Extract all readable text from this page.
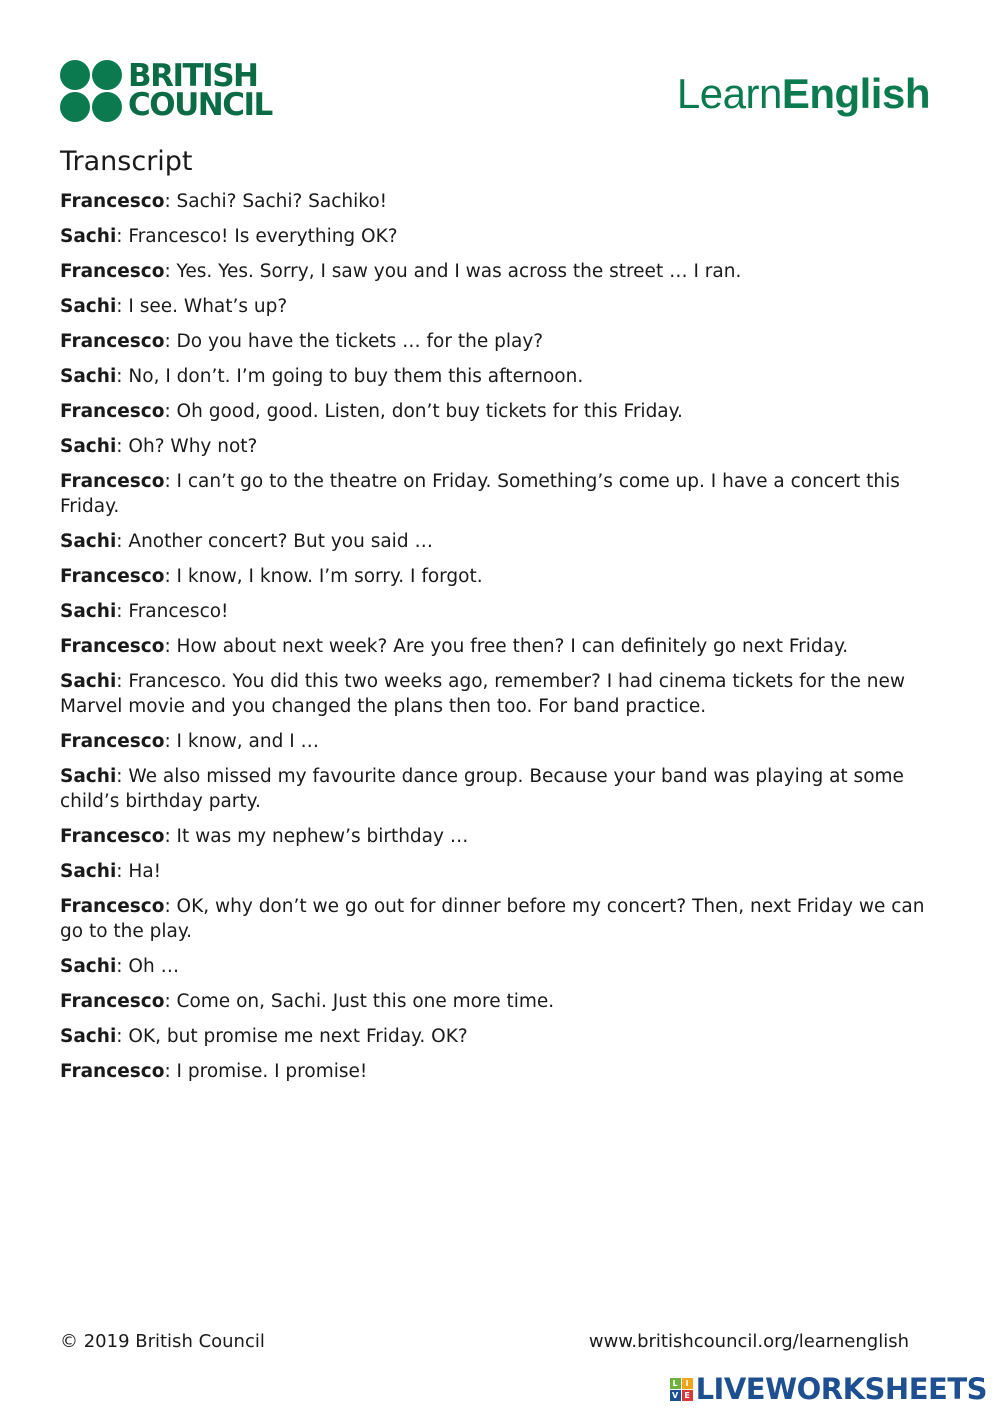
BRITISH
COUNCIL	LearnEnglish
Transcript
Francesco: Sachi? Sachi? Sachiko!
Sachi: Francesco! Is everything OK?
Francesco: Yes. Yes. Sorry, I saw you and I was across the street … I ran.
Sachi: I see. What’s up?
Francesco: Do you have the tickets … for the play?
Sachi: No, I don’t. I’m going to buy them this afternoon.
Francesco: Oh good, good. Listen, don’t buy tickets for this Friday.
Sachi: Oh? Why not?
Francesco: I can’t go to the theatre on Friday. Something’s come up. I have a concert this Friday.
Sachi: Another concert? But you said …
Francesco: I know, I know. I’m sorry. I forgot.
Sachi: Francesco!
Francesco: How about next week? Are you free then? I can definitely go next Friday.
Sachi: Francesco. You did this two weeks ago, remember? I had cinema tickets for the new Marvel movie and you changed the plans then too. For band practice.
Francesco: I know, and I …
Sachi: We also missed my favourite dance group. Because your band was playing at some child’s birthday party.
Francesco: It was my nephew’s birthday …
Sachi: Ha!
Francesco: OK, why don’t we go out for dinner before my concert? Then, next Friday we can go to the play.
Sachi: Oh …
Francesco: Come on, Sachi. Just this one more time.
Sachi: OK, but promise me next Friday. OK?
Francesco: I promise. I promise!
© 2019 British Council	www.britishcouncil.org/learnenglish
L I
V E LIVEWORKSHEETS
